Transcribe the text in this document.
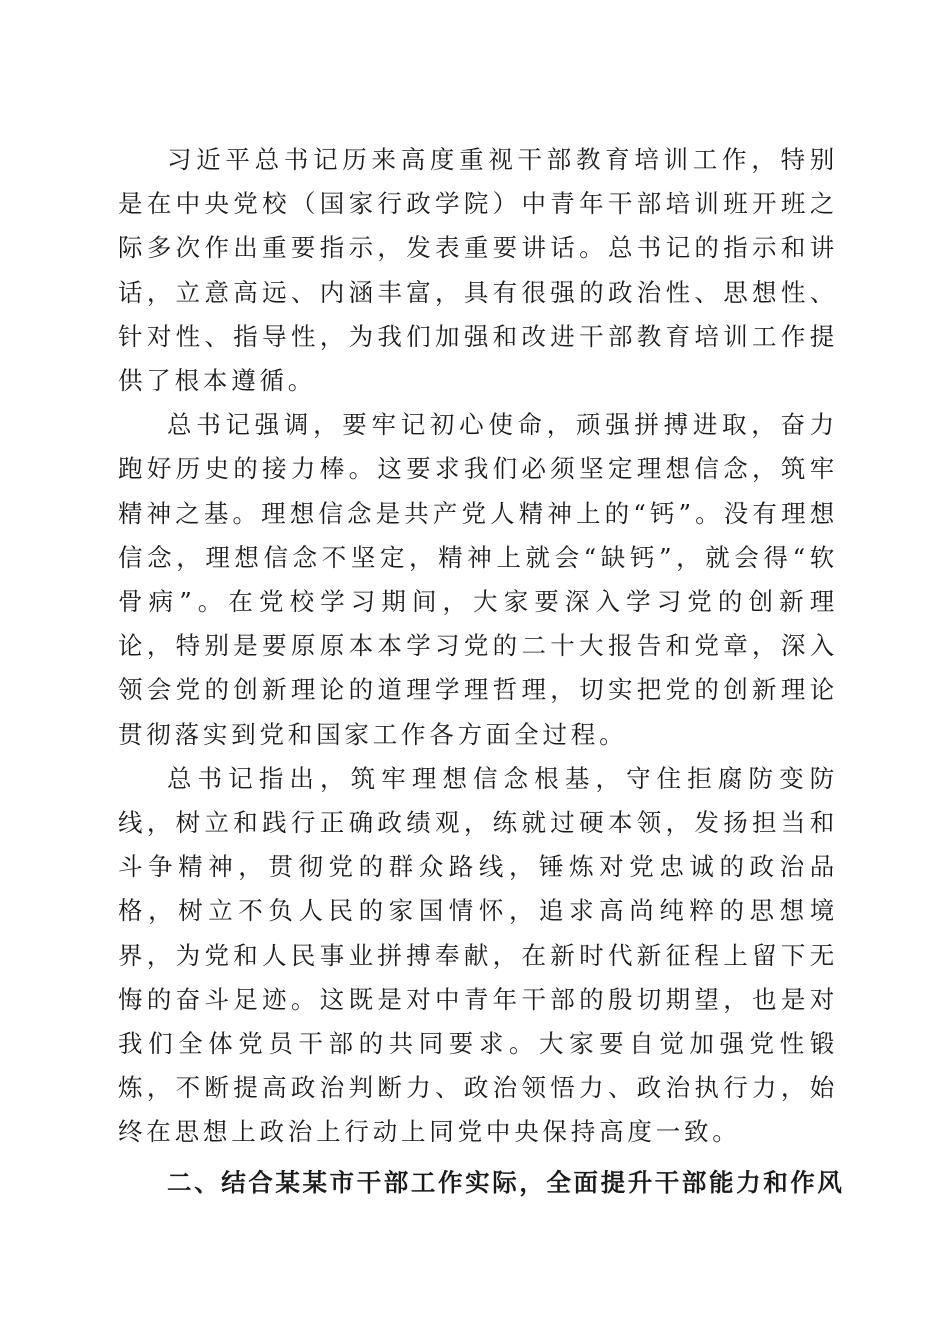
习近平总书记历来高度重视干部教育培训工作，特别是在中央党校（国家行政学院）中青年干部培训班开班之际多次作出重要指示，发表重要讲话。总书记的指示和讲话，立意高远、内涵丰富，具有很强的政治性、思想性、针对性、指导性，为我们加强和改进干部教育培训工作提供了根本遵循。

总书记强调，要牢记初心使命，顽强拼搏进取，奋力跑好历史的接力棒。这要求我们必须坚定理想信念，筑牢精神之基。理想信念是共产党人精神上的“钙”。没有理想信念，理想信念不坚定，精神上就会“缺钙”，就会得“软骨病”。在党校学习期间，大家要深入学习党的创新理论，特别是要原原本本学习党的二十大报告和党章，深入领会党的创新理论的道理学理哲理，切实把党的创新理论贯彻落实到党和国家工作各方面全过程。

总书记指出，筑牢理想信念根基，守住拒腐防变防线，树立和践行正确政绩观，练就过硬本领，发扬担当和斗争精神，贯彻党的群众路线，锤炼对党忠诚的政治品格，树立不负人民的家国情怀，追求高尚纯粹的思想境界，为党和人民事业拼搏奉献，在新时代新征程上留下无悔的奋斗足迹。这既是对中青年干部的殷切期望，也是对我们全体党员干部的共同要求。大家要自觉加强党性锻炼，不断提高政治判断力、政治领悟力、政治执行力，始终在思想上政治上行动上同党中央保持高度一致。

二、结合某某市干部工作实际，全面提升干部能力和作风
